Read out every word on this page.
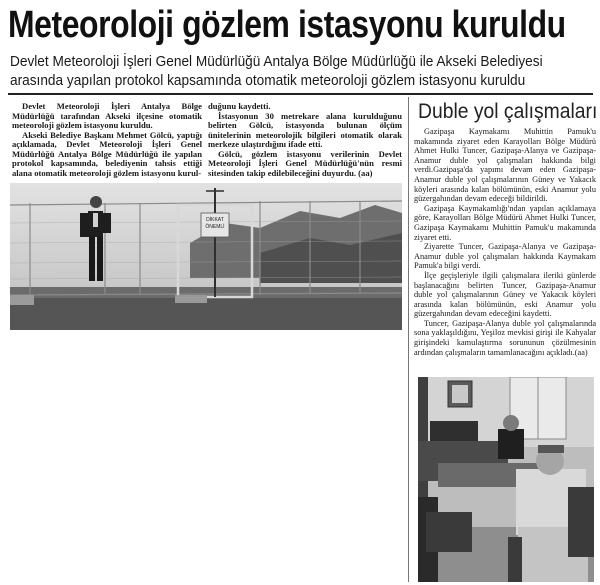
Meteoroloji gözlem istasyonu kuruldu
Devlet Meteoroloji İşleri Genel Müdürlüğü Antalya Bölge Müdürlüğü ile Akseki Belediyesi
arasında yapılan protokol kapsamında otomatik meteoroloji gözlem istasyonu kuruldu

Devlet Meteoroloji İşleri Antalya Bölge Müdürlüğü tarafından Akseki ilçesine otomatik meteoroloji gözlem istasyonu kuruldu.

Akseki Belediye Başkanı Mehmet Gölcü, yaptığı açıklamada, Devlet Meteoroloji İşleri Genel Müdürlüğü Antalya Bölge Müdürlüğü ile yapılan protokol kapsamında, belediyenin tahsis ettiği alana otomatik meteoroloji gözlem istasyonu kurul-

duğunu kaydetti.

İstasyonun 30 metrekare alana kurulduğunu belirten Gölcü, istasyonda bulunan ölçüm ünitelerinin meteorolojik bilgileri otomatik olarak merkeze ulaştırdığını ifade etti.

Gölcü, gözlem istasyonu verilerinin Devlet Meteoroloji İşleri Genel Müdürlüğü'nün resmi sitesinden takip edilebileceğini duyurdu. (aa)

DİKKAT
ÖNEMLİ
Duble yol çalışmaları

Gazipaşa Kaymakamı Muhittin Pamuk'u makamında ziyaret eden Karayolları Bölge Müdürü Ahmet Hulki Tuncer, Gazipaşa-Alanya ve Gazipaşa-Anamur duble yol çalışmaları hakkında bilgi verdi.Gazipaşa'da yapımı devam eden Gazipaşa-Anamur duble yol çalışmalarının Güney ve Yakacık köyleri arasında kalan bölümünün, eski Anamur yolu güzergahından devam edeceği bildirildi.

Gazipaşa Kaymakamlığı'ndan yapılan açıklamaya göre, Karayolları Bölge Müdürü Ahmet Hulki Tuncer, Gazipaşa Kaymakamı Muhittin Pamuk'u makamında ziyaret etti.

Ziyarette Tuncer, Gazipaşa-Alanya ve Gazipaşa-Anamur duble yol çalışmaları hakkında Kaymakam Pamuk'a bilgi verdi.

İlçe geçişleriyle ilgili çalışmalara ileriki günlerde başlanacağını belirten Tuncer, Gazipaşa-Anamur duble yol çalışmalarının Güney ve Yakacık köyleri arasında kalan bölümünün, eski Anamur yolu güzergahından devam edeceğini kaydetti.

Tuncer, Gazipaşa-Alanya duble yol çalışmalarında sona yaklaşıldığını, Yeşiloz mevkisi girişi ile Kahyalar girişindeki kamulaştırma sorununun çözülmesinin ardından çalışmaların tamamlanacağını açıkladı.(aa)
